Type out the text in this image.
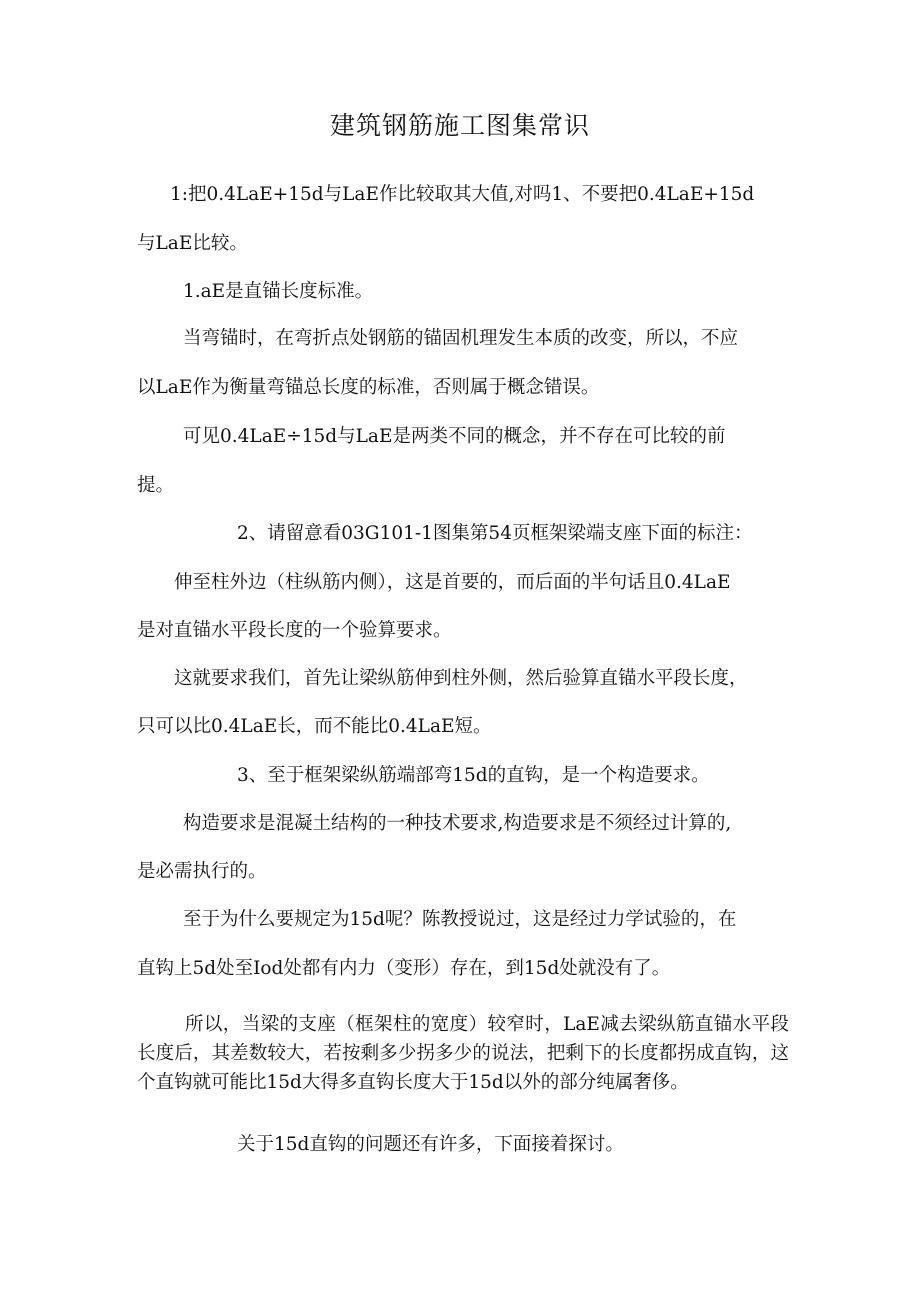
建筑钢筋施工图集常识

1:把0.4LaE+15d与LaE作比较取其大值,对吗1、不要把0.4LaE+15d

与LaE比较。

1.aE是直锚长度标准。

当弯锚时，在弯折点处钢筋的锚固机理发生本质的改变，所以，不应

以LaE作为衡量弯锚总长度的标准，否则属于概念错误。

可见0.4LaE÷15d与LaE是两类不同的概念，并不存在可比较的前

提。

2、请留意看03G101-1图集第54页框架梁端支座下面的标注：

伸至柱外边（柱纵筋内侧），这是首要的，而后面的半句话且0.4LaE

是对直锚水平段长度的一个验算要求。

这就要求我们，首先让梁纵筋伸到柱外侧，然后验算直锚水平段长度，

只可以比0.4LaE长，而不能比0.4LaE短。

3、至于框架梁纵筋端部弯15d的直钩，是一个构造要求。

构造要求是混凝土结构的一种技术要求,构造要求是不须经过计算的,

是必需执行的。

至于为什么要规定为15d呢？陈教授说过，这是经过力学试验的，在

直钩上5d处至Iod处都有内力（变形）存在，到15d处就没有了。

所以，当梁的支座（框架柱的宽度）较窄时，LaE减去梁纵筋直锚水平段长度后，其差数较大，若按剩多少拐多少的说法，把剩下的长度都拐成直钩，这个直钩就可能比15d大得多直钩长度大于15d以外的部分纯属奢侈。

关于15d直钩的问题还有许多，下面接着探讨。
